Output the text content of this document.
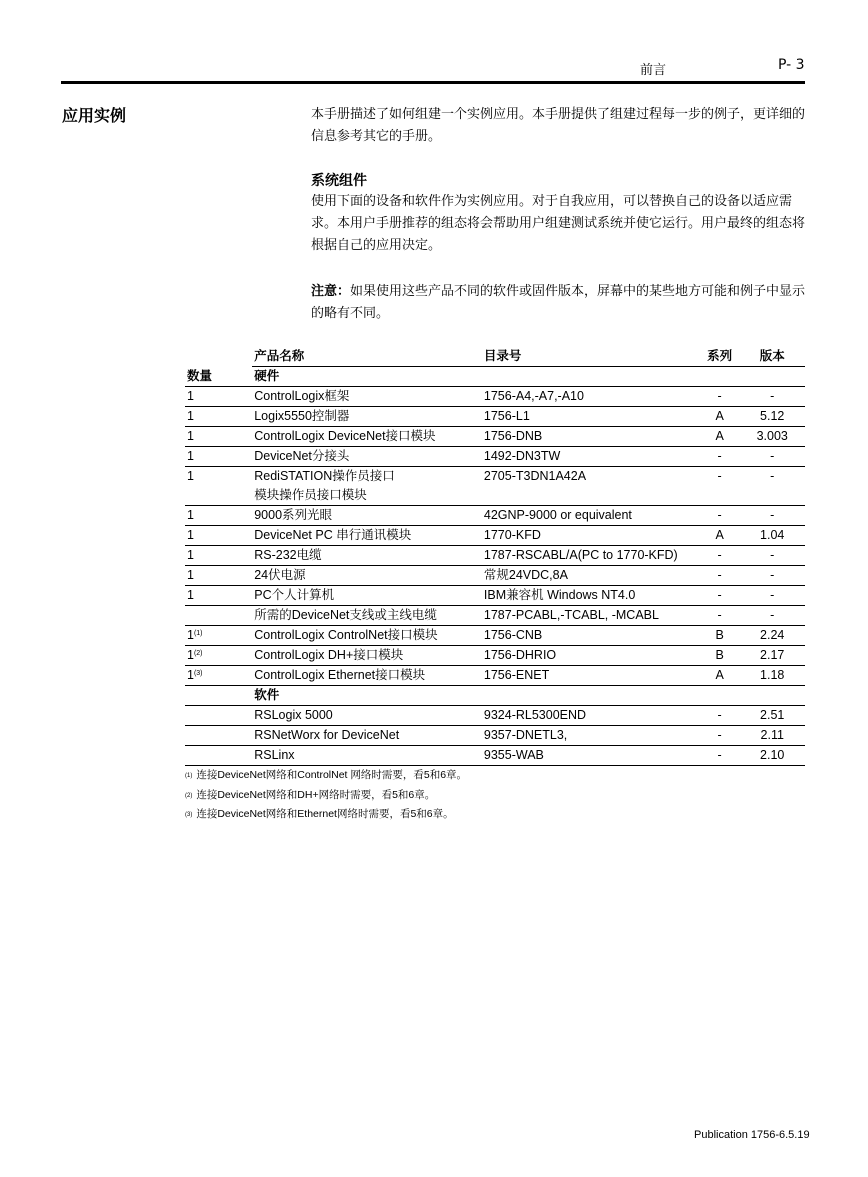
前言	P- 3
应用实例	本手册描述了如何组建一个实例应用。本手册提供了组建过程每一步的例子，更详细的信息参考其它的手册。
系统组件
使用下面的设备和软件作为实例应用。对于自我应用，可以替换自己的设备以适应需求。本用户手册推荐的组态将会帮助用户组建测试系统并使它运行。用户最终的组态将根据自己的应用决定。
注意：如果使用这些产品不同的软件或固件版本，屏幕中的某些地方可能和例子中显示的略有不同。
	产品名称	目录号	系列	版本
数量	硬件			
1	ControlLogix框架	1756-A4,-A7,-A10	-	-
1	Logix5550控制器	1756-L1	A	5.12
1	ControlLogix DeviceNet接口模块	1756-DNB	A	3.003
1	DeviceNet分接头	1492-DN3TW	-	-
1	RediSTATION操作员接口
模块操作员接口模块	2705-T3DN1A42A	-	-
1	9000系列光眼	42GNP-9000 or equivalent	-	-
1	DeviceNet PC 串行通讯模块	1770-KFD	A	1.04
1	RS-232电缆	1787-RSCABL/A(PC to 1770-KFD)	-	-
1	24伏电源	常规24VDC,8A	-	-
1	PC个人计算机	IBM兼容机 Windows NT4.0	-	-

	所需的DeviceNet支线或主线电缆	1787-PCABL,-TCABL, -MCABL	-	-
1$^{(1)}$	ControlLogix ControlNet接口模块	1756-CNB	B	2.24
1$^{(2)}$	ControlLogix DH+接口模块	1756-DHRIO	B	2.17
1$^{(3)}$	ControlLogix Ethernet接口模块	1756-ENET	A	1.18
	软件			
	RSLogix 5000	9324-RL5300END	-	2.51
	RSNetWorx for DeviceNet	9357-DNETL3,	-	2.11
	RSLinx	9355-WAB	-	2.10
$^{(1)}$ 连接DeviceNet网络和ControlNet 网络时需要，看5和6章。
$^{(2)}$ 连接DeviceNet网络和DH+网络时需要，看5和6章。
$^{(3)}$ 连接DeviceNet网络和Ethernet网络时需要，看5和6章。
Publication 1756-6.5.19
